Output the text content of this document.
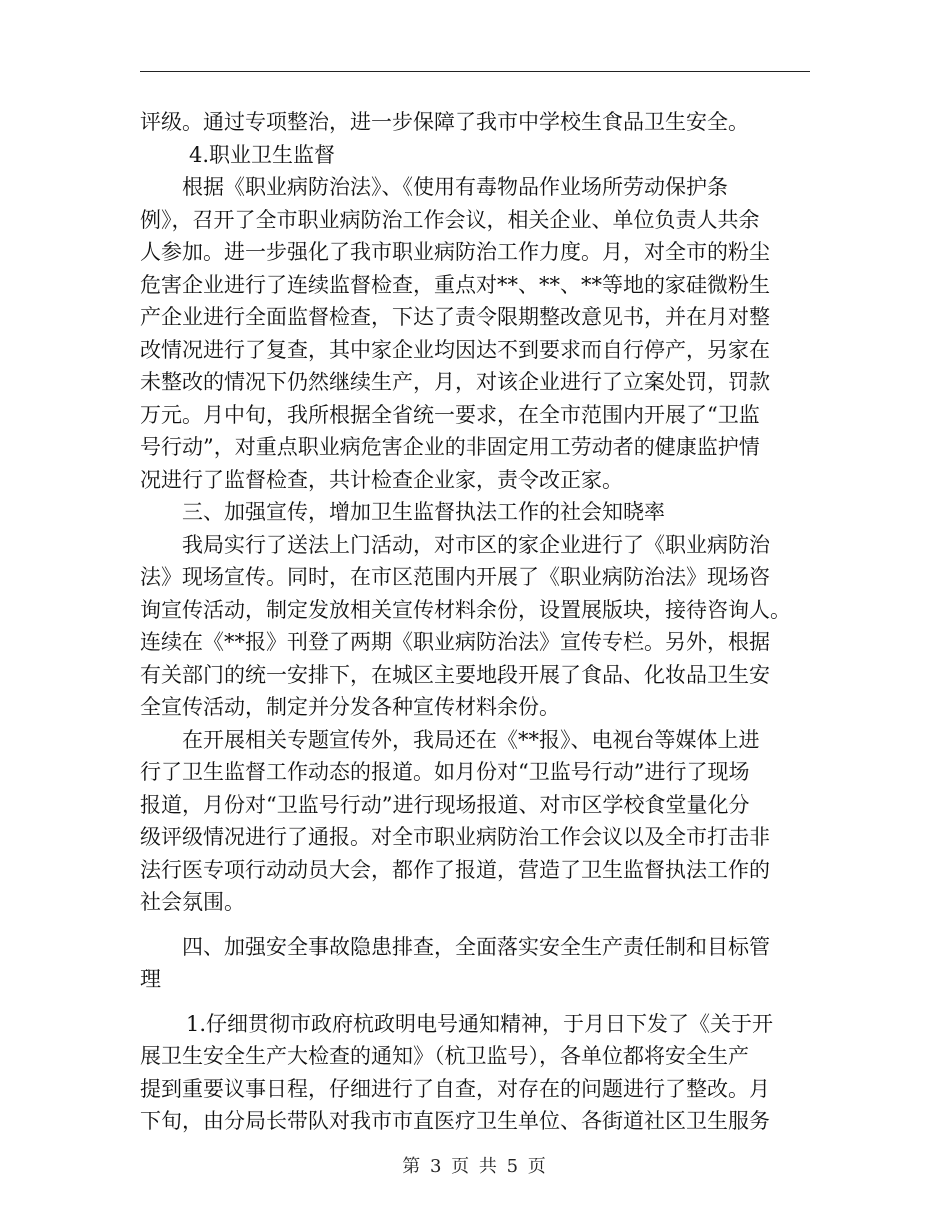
评级。通过专项整治，进一步保障了我市中学校生食品卫生安全。
4.职业卫生监督
根据《职业病防治法》、《使用有毒物品作业场所劳动保护条
例》，召开了全市职业病防治工作会议，相关企业、单位负责人共余
人参加。进一步强化了我市职业病防治工作力度。月，对全市的粉尘
危害企业进行了连续监督检查，重点对**、**、**等地的家硅微粉生
产企业进行全面监督检查，下达了责令限期整改意见书，并在月对整
改情况进行了复查，其中家企业均因达不到要求而自行停产，另家在
未整改的情况下仍然继续生产，月，对该企业进行了立案处罚，罚款
万元。月中旬，我所根据全省统一要求，在全市范围内开展了“卫监
号行动”，对重点职业病危害企业的非固定用工劳动者的健康监护情
况进行了监督检查，共计检查企业家，责令改正家。
三、加强宣传，增加卫生监督执法工作的社会知晓率
我局实行了送法上门活动，对市区的家企业进行了《职业病防治
法》现场宣传。同时，在市区范围内开展了《职业病防治法》现场咨
询宣传活动，制定发放相关宣传材料余份，设置展版块，接待咨询人。
连续在《**报》刊登了两期《职业病防治法》宣传专栏。另外，根据
有关部门的统一安排下，在城区主要地段开展了食品、化妆品卫生安
全宣传活动，制定并分发各种宣传材料余份。
在开展相关专题宣传外，我局还在《**报》、电视台等媒体上进
行了卫生监督工作动态的报道。如月份对“卫监号行动”进行了现场
报道，月份对“卫监号行动”进行现场报道、对市区学校食堂量化分
级评级情况进行了通报。对全市职业病防治工作会议以及全市打击非
法行医专项行动动员大会，都作了报道，营造了卫生监督执法工作的
社会氛围。
四、加强安全事故隐患排查，全面落实安全生产责任制和目标管
理
1.仔细贯彻市政府杭政明电号通知精神，于月日下发了《关于开
展卫生安全生产大检查的通知》（杭卫监号），各单位都将安全生产
提到重要议事日程，仔细进行了自查，对存在的问题进行了整改。月
下旬，由分局长带队对我市市直医疗卫生单位、各街道社区卫生服务
第 3 页 共 5 页
